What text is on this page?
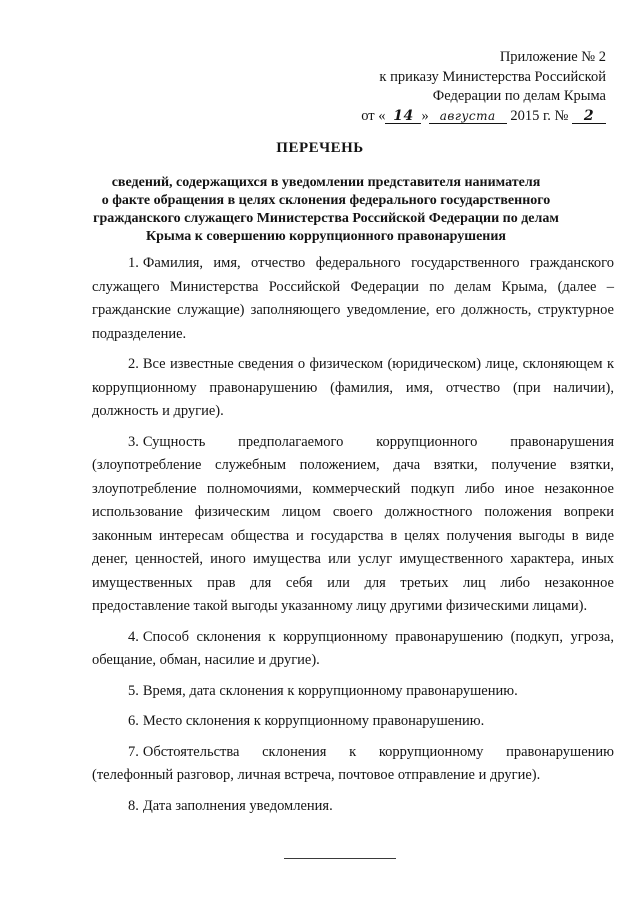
Приложение № 2
к приказу Министерства Российской
Федерации по делам Крыма
от « 14 » августа 2015 г. № 2
ПЕРЕЧЕНЬ
сведений, содержащихся в уведомлении представителя нанимателя
о факте обращения в целях склонения федерального государственного
гражданского служащего Министерства Российской Федерации по делам
Крыма к совершению коррупционного правонарушения

1. Фамилия, имя, отчество федерального государственного гражданского служащего Министерства Российской Федерации по делам Крыма, (далее – гражданские служащие) заполняющего уведомление, его должность, структурное подразделение.

2. Все известные сведения о физическом (юридическом) лице, склоняющем к коррупционному правонарушению (фамилия, имя, отчество (при наличии), должность и другие).

3. Сущность предполагаемого коррупционного правонарушения (злоупотребление служебным положением, дача взятки, получение взятки, злоупотребление полномочиями, коммерческий подкуп либо иное незаконное использование физическим лицом своего должностного положения вопреки законным интересам общества и государства в целях получения выгоды в виде денег, ценностей, иного имущества или услуг имущественного характера, иных имущественных прав для себя или для третьих лиц либо незаконное предоставление такой выгоды указанному лицу другими физическими лицами).

4. Способ склонения к коррупционному правонарушению (подкуп, угроза, обещание, обман, насилие и другие).

5. Время, дата склонения к коррупционному правонарушению.

6. Место склонения к коррупционному правонарушению.

7. Обстоятельства склонения к коррупционному правонарушению (телефонный разговор, личная встреча, почтовое отправление и другие).

8. Дата заполнения уведомления.
